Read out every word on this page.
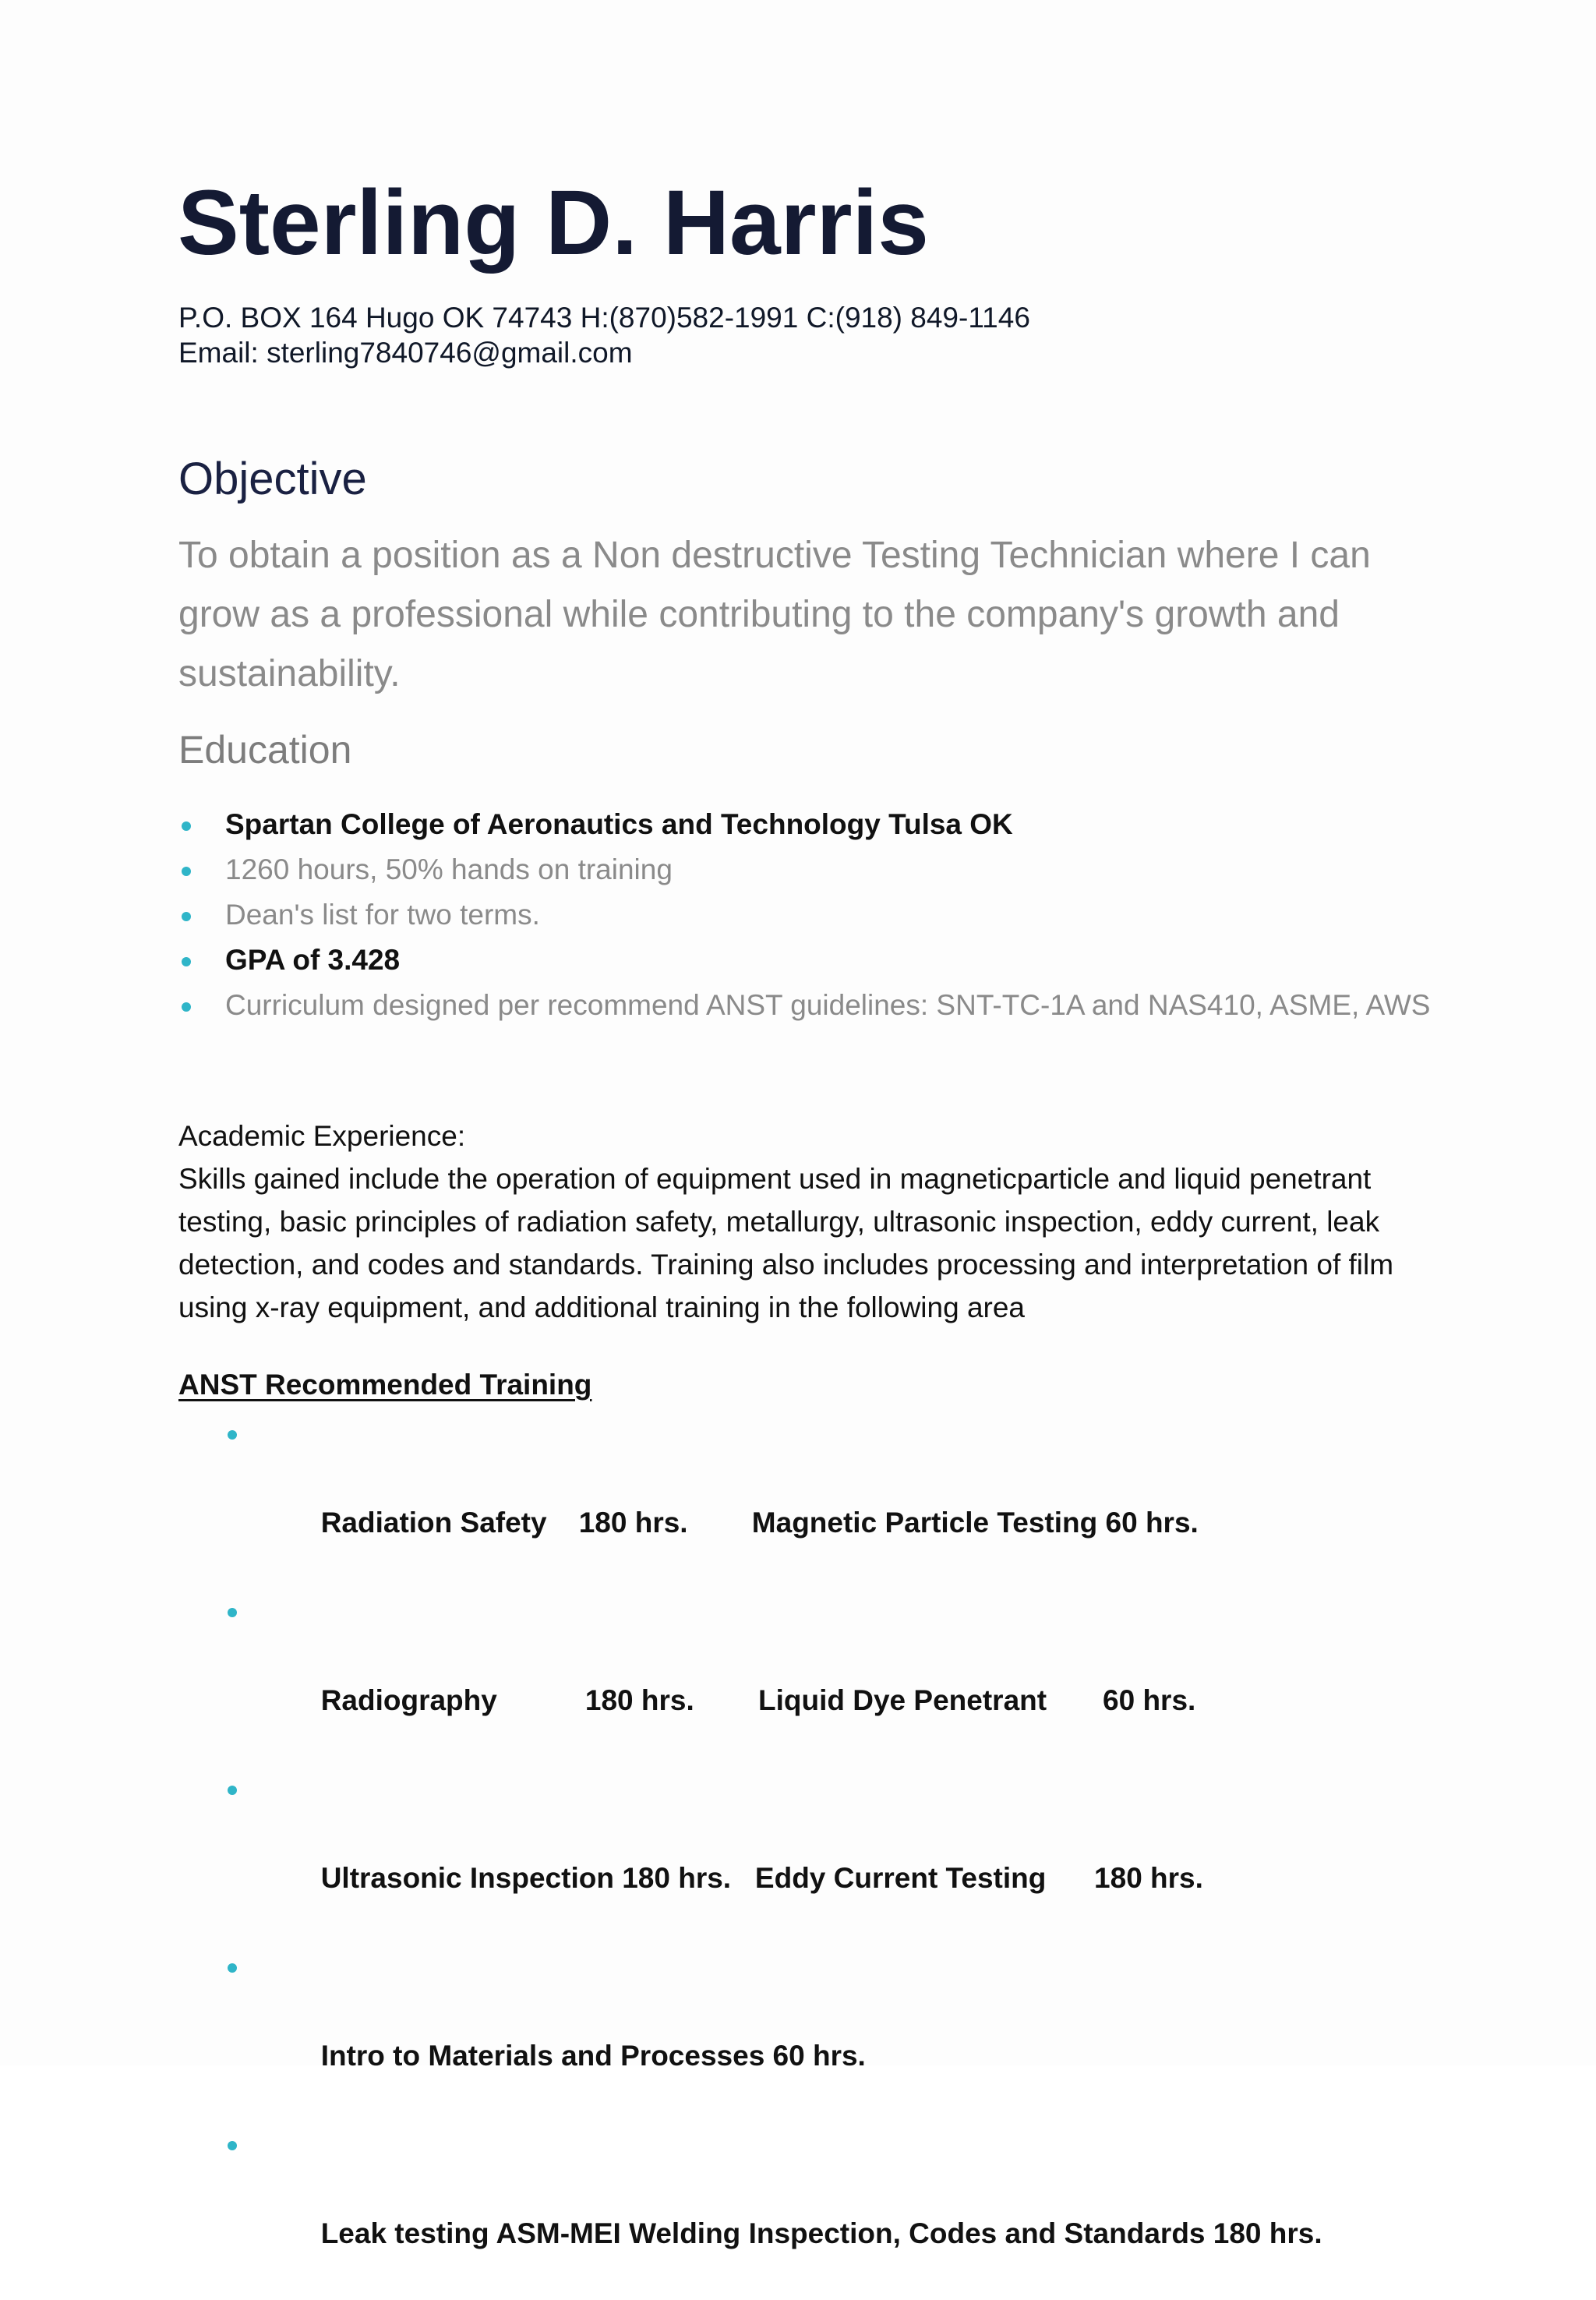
Sterling D. Harris
P.O. BOX 164 Hugo OK 74743 H:(870)582-1991 C:(918) 849-1146
Email: sterling7840746@gmail.com
Objective

To obtain a position as a Non destructive Testing Technician where I can grow as a professional while contributing to the company's growth and sustainability.

Education
Spartan College of Aeronautics and Technology Tulsa OK
1260 hours, 50% hands on training
Dean's list for two terms.
GPA of 3.428
Curriculum designed per recommend ANST guidelines: SNT-TC-1A and NAS410, ASME, AWS

Academic Experience:

Skills gained include the operation of equipment used in magneticparticle and liquid penetrant testing, basic principles of radiation safety, metallurgy, ultrasonic inspection, eddy current, leak detection, and codes and standards. Training also includes processing and interpretation of film using x-ray equipment, and additional training in the following area

ANST Recommended Training

Radiation Safety    180 hrs.        Magnetic Particle Testing 60 hrs.

Radiography           180 hrs.        Liquid Dye Penetrant       60 hrs.

Ultrasonic Inspection 180 hrs.   Eddy Current Testing      180 hrs.

Intro to Materials and Processes 60 hrs.

Leak testing ASM-MEI Welding Inspection, Codes and Standards 180 hrs.
